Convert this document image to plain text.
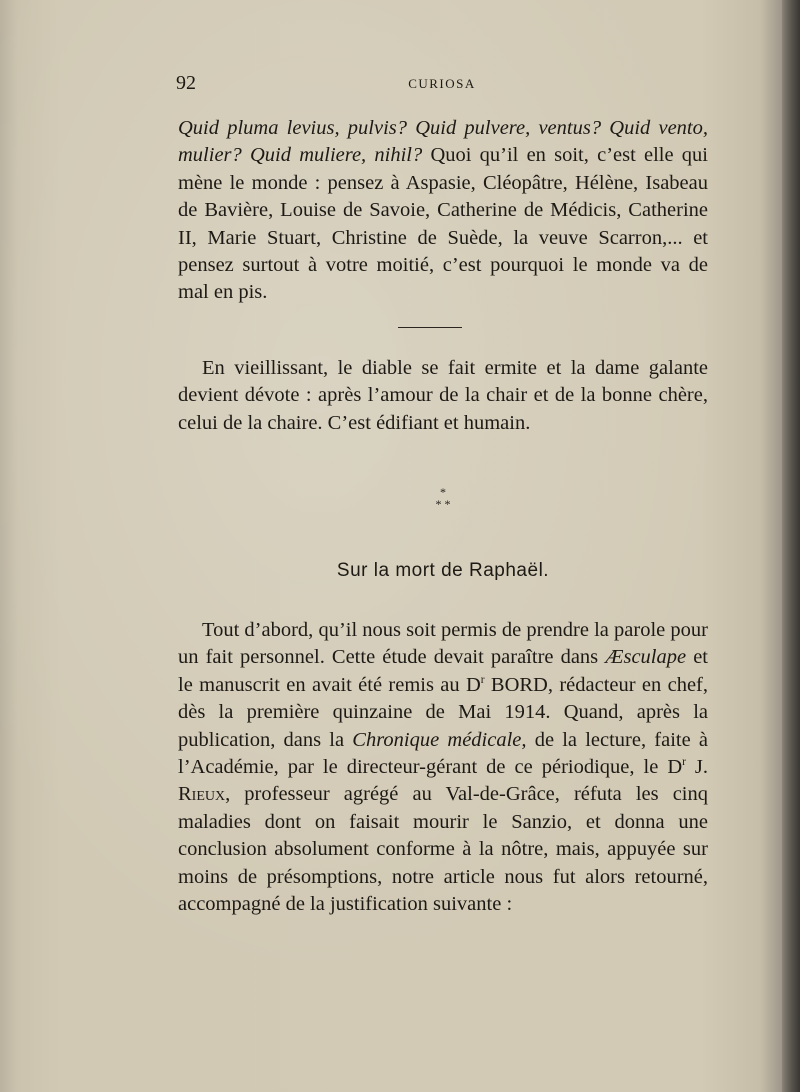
92	CURIOSA

Quid pluma levius, pulvis? Quid pulvere, ventus? Quid vento, mulier? Quid muliere, nihil? Quoi qu’il en soit, c’est elle qui mène le monde : pensez à Aspasie, Cléopâtre, Hélène, Isabeau de Bavière, Louise de Savoie, Catherine de Médicis, Catherine II, Marie Stuart, Christine de Suède, la veuve Scarron,... et pensez surtout à votre moitié, c’est pourquoi le monde va de mal en pis.

En vieillissant, le diable se fait ermite et la dame galante devient dévote : après l’amour de la chair et de la bonne chère, celui de la chaire. C’est édifiant et humain.

*
* *
Sur la mort de Raphaël.

Tout d’abord, qu’il nous soit permis de prendre la parole pour un fait personnel. Cette étude devait paraître dans Æsculape et le manuscrit en avait été remis au $D^r$ BORD, rédacteur en chef, dès la première quinzaine de Mai 1914. Quand, après la publication, dans la Chronique médicale, de la lecture, faite à l’Académie, par le directeur-gérant de ce périodique, le $D^r$ J. Rieux, professeur agrégé au Val-de-Grâce, réfuta les cinq maladies dont on faisait mourir le Sanzio, et donna une conclusion absolument conforme à la nôtre, mais, appuyée sur moins de présomptions, notre article nous fut alors retourné, accompagné de la justification suivante :
